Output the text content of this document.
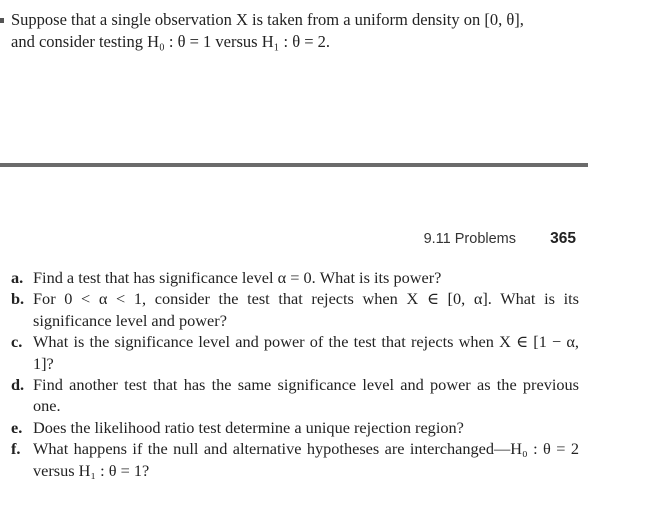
Suppose that a single observation X is taken from a uniform density on [0, θ],
and consider testing H₀ : θ = 1 versus H₁ : θ = 2.
9.11 Problems 365
a. Find a test that has significance level α = 0. What is its power?
b. For 0 < α < 1, consider the test that rejects when X ∈ [0, α]. What is its significance level and power?
c. What is the significance level and power of the test that rejects when X ∈ [1 − α, 1]?
d. Find another test that has the same significance level and power as the previous one.
e. Does the likelihood ratio test determine a unique rejection region?
f. What happens if the null and alternative hypotheses are interchanged—H₀ : θ = 2 versus H₁ : θ = 1?
